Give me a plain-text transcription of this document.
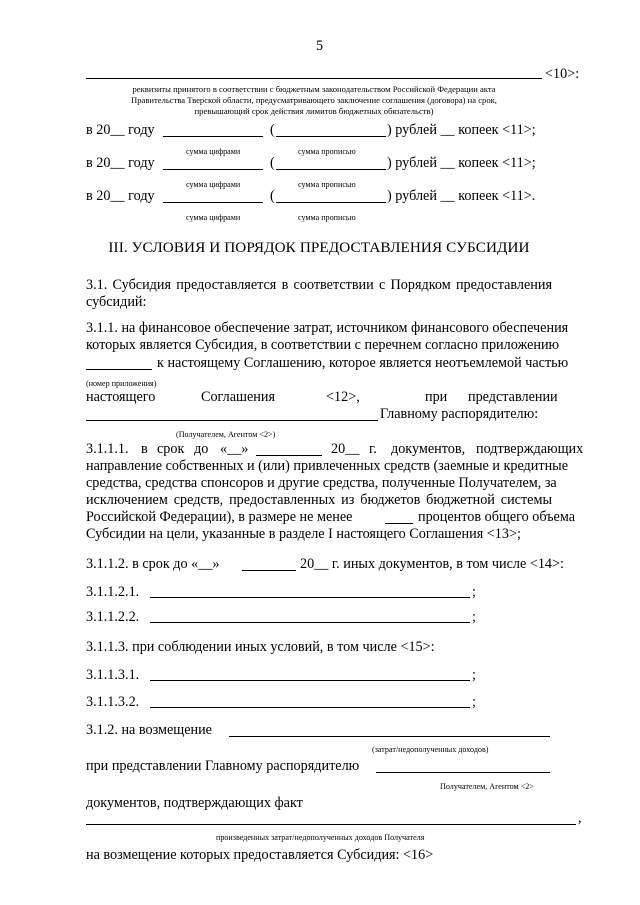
5
<10>:
реквизиты принятого в соответствии с бюджетным законодательством Российской Федерации акта
Правительства Тверской области, предусматривающего заключение соглашения (договора) на срок,
превышающий срок действия лимитов бюджетных обязательств)
в 20__ году	(	) рублей __ копеек <11>;
сумма цифрами	сумма прописью
в 20__ году	(	) рублей __ копеек <11>;
сумма цифрами	сумма прописью
в 20__ году	(	) рублей __ копеек <11>.
сумма цифрами	сумма прописью
III. УСЛОВИЯ И ПОРЯДОК ПРЕДОСТАВЛЕНИЯ СУБСИДИИ
3.1. Субсидия предоставляется в соответствии с Порядком предоставления
субсидий:
3.1.1. на финансовое обеспечение затрат, источником финансового обеспечения
которых является Субсидия, в соответствии с перечнем согласно приложению
к настоящему Соглашению, которое является неотъемлемой частью
(номер приложения)
настоящего	Соглашения	<12>,	при представлении
Главному распорядителю:
(Получателем, Агентом <2>)
3.1.1.1. в срок до «__»	20__ г. документов, подтверждающих
направление собственных и (или) привлеченных средств (заемные и кредитные
средства, средства спонсоров и другие средства, полученные Получателем, за
исключением средств, предоставленных из бюджетов бюджетной системы
Российской Федерации), в размере не менее	процентов общего объема
Субсидии на цели, указанные в разделе I настоящего Соглашения <13>;
3.1.1.2. в срок до «__»	20__ г. иных документов, в том числе <14>:
3.1.1.2.1.	;
3.1.1.2.2.	;
3.1.1.3. при соблюдении иных условий, в том числе <15>:
3.1.1.3.1.	;
3.1.1.3.2.	;
3.1.2. на возмещение
(затрат/недополученных доходов)
при представлении Главному распорядителю
Получателем, Агентом <2>
документов, подтверждающих факт
,
произведенных затрат/недополученных доходов Получателя
на возмещение которых предоставляется Субсидия: <16>
